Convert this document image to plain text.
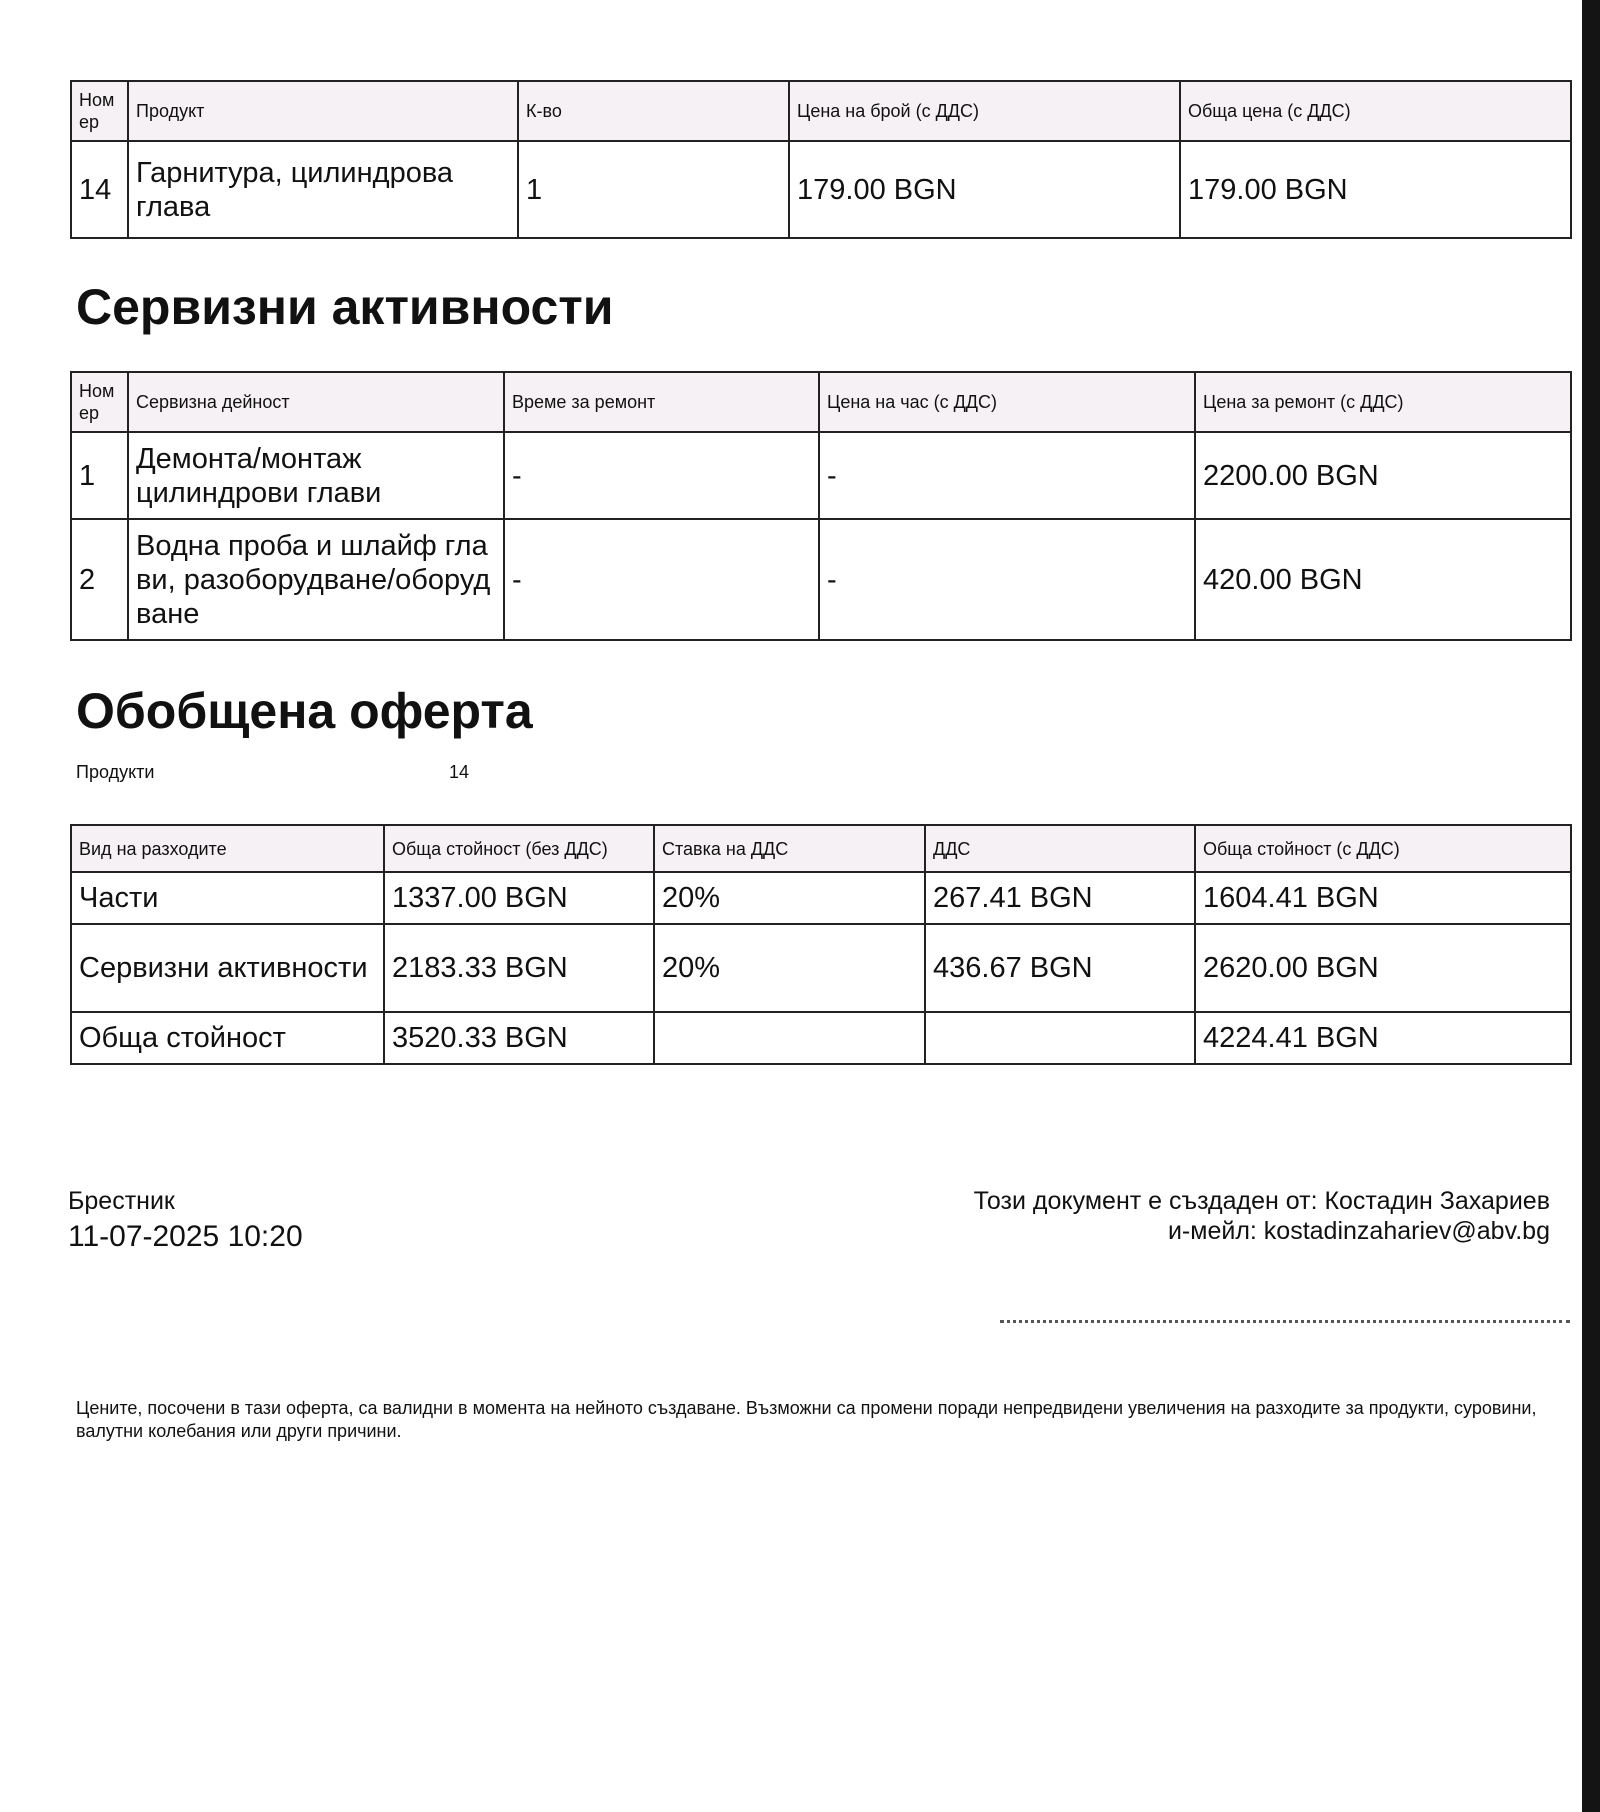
Ном ер	Продукт	К-во	Цена на брой (с ДДС)	Обща цена (с ДДС)
14	Гарнитура, цилиндрова глава	1	179.00 BGN	179.00 BGN
Сервизни активности
Ном ер	Сервизна дейност	Време за ремонт	Цена на час (с ДДС)	Цена за ремонт (с ДДС)
1	Демонта/монтаж цилиндрови глави	-	-	2200.00 BGN
2	Водна проба и шлайф глави, разоборудване/оборудване	-	-	420.00 BGN
Обобщена оферта
Продукти	14
Вид на разходите	Обща стойност (без ДДС)	Ставка на ДДС	ДДС	Обща стойност (с ДДС)
Части	1337.00 BGN	20%	267.41 BGN	1604.41 BGN
Сервизни активности	2183.33 BGN	20%	436.67 BGN	2620.00 BGN
Обща стойност	3520.33 BGN			4224.41 BGN
Брестник
11-07-2025 10:20
Този документ е създаден от: Костадин Захариев
и-мейл: kostadinzahariev@abv.bg
Цените, посочени в тази оферта, са валидни в момента на нейното създаване. Възможни са промени поради непредвидени увеличения на разходите за продукти, суровини, валутни колебания или други причини.
